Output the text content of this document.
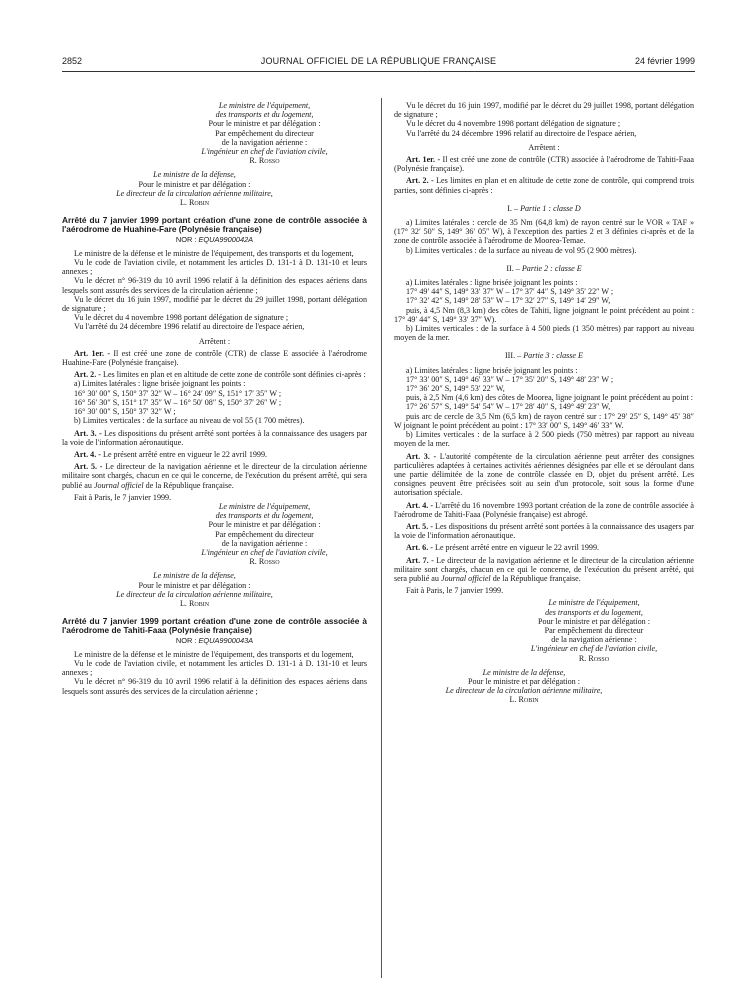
2852	JOURNAL OFFICIEL DE LA RÉPUBLIQUE FRANÇAISE	24 février 1999

Le ministre de l'équipement,

des transports et du logement,

Pour le ministre et par délégation :

Par empêchement du directeur

de la navigation aérienne :

L'ingénieur en chef de l'aviation civile,

R. Rosso

Le ministre de la défense,

Pour le ministre et par délégation :

Le directeur de la circulation aérienne militaire,

L. Robin

Arrêté du 7 janvier 1999 portant création d'une zone de contrôle associée à l'aérodrome de Huahine-Fare (Polynésie française)

NOR : EQUA9900042A

Le ministre de la défense et le ministre de l'équipement, des transports et du logement,

Vu le code de l'aviation civile, et notamment les articles D. 131-1 à D. 131-10 et leurs annexes ;

Vu le décret n° 96-319 du 10 avril 1996 relatif à la définition des espaces aériens dans lesquels sont assurés des services de la circulation aérienne ;

Vu le décret du 16 juin 1997, modifié par le décret du 29 juillet 1998, portant délégation de signature ;

Vu le décret du 4 novembre 1998 portant délégation de signature ;

Vu l'arrêté du 24 décembre 1996 relatif au directoire de l'espace aérien,

Arrêtent :

Art. 1er. - Il est créé une zone de contrôle (CTR) de classe E associée à l'aérodrome Huahine-Fare (Polynésie française).

Art. 2. - Les limites en plan et en altitude de cette zone de contrôle sont définies ci-après :

a) Limites latérales : ligne brisée joignant les points :

16° 30′ 00″ S, 150° 37′ 32″ W – 16° 24′ 09″ S, 151° 17′ 35″ W ;

16° 56′ 30″ S, 151° 17′ 35″ W – 16° 50′ 08″ S, 150° 37′ 26″ W ;

16° 30′ 00″ S, 150° 37′ 32″ W ;

b) Limites verticales : de la surface au niveau de vol 55 (1 700 mètres).

Art. 3. - Les dispositions du présent arrêté sont portées à la connaissance des usagers par la voie de l'information aéronautique.

Art. 4. - Le présent arrêté entre en vigueur le 22 avril 1999.

Art. 5. - Le directeur de la navigation aérienne et le directeur de la circulation aérienne militaire sont chargés, chacun en ce qui le concerne, de l'exécution du présent arrêté, qui sera publié au Journal officiel de la République française.

Fait à Paris, le 7 janvier 1999.

Le ministre de l'équipement,

des transports et du logement,

Pour le ministre et par délégation :

Par empêchement du directeur

de la navigation aérienne :

L'ingénieur en chef de l'aviation civile,

R. Rosso

Le ministre de la défense,

Pour le ministre et par délégation :

Le directeur de la circulation aérienne militaire,

L. Robin

Arrêté du 7 janvier 1999 portant création d'une zone de contrôle associée à l'aérodrome de Tahiti-Faaa (Polynésie française)

NOR : EQUA9900043A

Le ministre de la défense et le ministre de l'équipement, des transports et du logement,

Vu le code de l'aviation civile, et notamment les articles D. 131-1 à D. 131-10 et leurs annexes ;

Vu le décret n° 96-319 du 10 avril 1996 relatif à la définition des espaces aériens dans lesquels sont assurés des services de la circulation aérienne ;

Vu le décret du 16 juin 1997, modifié par le décret du 29 juillet 1998, portant délégation de signature ;

Vu le décret du 4 novembre 1998 portant délégation de signature ;

Vu l'arrêté du 24 décembre 1996 relatif au directoire de l'espace aérien,

Arrêtent :

Art. 1er. - Il est créé une zone de contrôle (CTR) associée à l'aérodrome de Tahiti-Faaa (Polynésie française).

Art. 2. - Les limites en plan et en altitude de cette zone de contrôle, qui comprend trois parties, sont définies ci-après :

I. – Partie 1 : classe D

a) Limites latérales : cercle de 35 Nm (64,8 km) de rayon centré sur le VOR « TAF » (17° 32′ 50″ S, 149° 36′ 05″ W), à l'exception des parties 2 et 3 définies ci-après et de la zone de contrôle associée à l'aérodrome de Moorea-Temae.

b) Limites verticales : de la surface au niveau de vol 95 (2 900 mètres).

II. – Partie 2 : classe E

a) Limites latérales : ligne brisée joignant les points :

17° 49′ 44″ S, 149° 33′ 37″ W – 17° 37′ 44″ S, 149° 35′ 22″ W ;

17° 32′ 42″ S, 149° 28′ 53″ W – 17° 32′ 27″ S, 149° 14′ 29″ W,

puis, à 4,5 Nm (8,3 km) des côtes de Tahiti, ligne joignant le point précédent au point : 17° 49′ 44″ S, 149° 33′ 37″ W).

b) Limites verticales : de la surface à 4 500 pieds (1 350 mètres) par rapport au niveau moyen de la mer.

III. – Partie 3 : classe E

a) Limites latérales : ligne brisée joignant les points :

17° 33′ 00″ S, 149° 46′ 33″ W – 17° 35′ 20″ S, 149° 48′ 23″ W ;

17° 36′ 20″ S, 149° 53′ 22″ W,

puis, à 2,5 Nm (4,6 km) des côtes de Moorea, ligne joignant le point précédent au point :

17° 26′ 57″ S, 149° 54′ 54″ W – 17° 28′ 40″ S, 149° 49′ 23″ W,

puis arc de cercle de 3,5 Nm (6,5 km) de rayon centré sur : 17° 29′ 25″ S, 149° 45′ 38″ W joignant le point précédent au point : 17° 33′ 00″ S, 149° 46′ 33″ W.

b) Limites verticales : de la surface à 2 500 pieds (750 mètres) par rapport au niveau moyen de la mer.

Art. 3. - L'autorité compétente de la circulation aérienne peut arrêter des consignes particulières adaptées à certaines activités aériennes désignées par elle et se déroulant dans une partie délimitée de la zone de contrôle classée en D, objet du présent arrêté. Les consignes peuvent être précisées soit au sein d'un protocole, soit sous la forme d'une autorisation spéciale.

Art. 4. - L'arrêté du 16 novembre 1993 portant création de la zone de contrôle associée à l'aérodrome de Tahiti-Faaa (Polynésie française) est abrogé.

Art. 5. - Les dispositions du présent arrêté sont portées à la connaissance des usagers par la voie de l'information aéronautique.

Art. 6. - Le présent arrêté entre en vigueur le 22 avril 1999.

Art. 7. - Le directeur de la navigation aérienne et le directeur de la circulation aérienne militaire sont chargés, chacun en ce qui le concerne, de l'exécution du présent arrêté, qui sera publié au Journal officiel de la République française.

Fait à Paris, le 7 janvier 1999.

Le ministre de l'équipement,

des transports et du logement,

Pour le ministre et par délégation :

Par empêchement du directeur

de la navigation aérienne :

L'ingénieur en chef de l'aviation civile,

R. Rosso

Le ministre de la défense,

Pour le ministre et par délégation :

Le directeur de la circulation aérienne militaire,

L. Robin
